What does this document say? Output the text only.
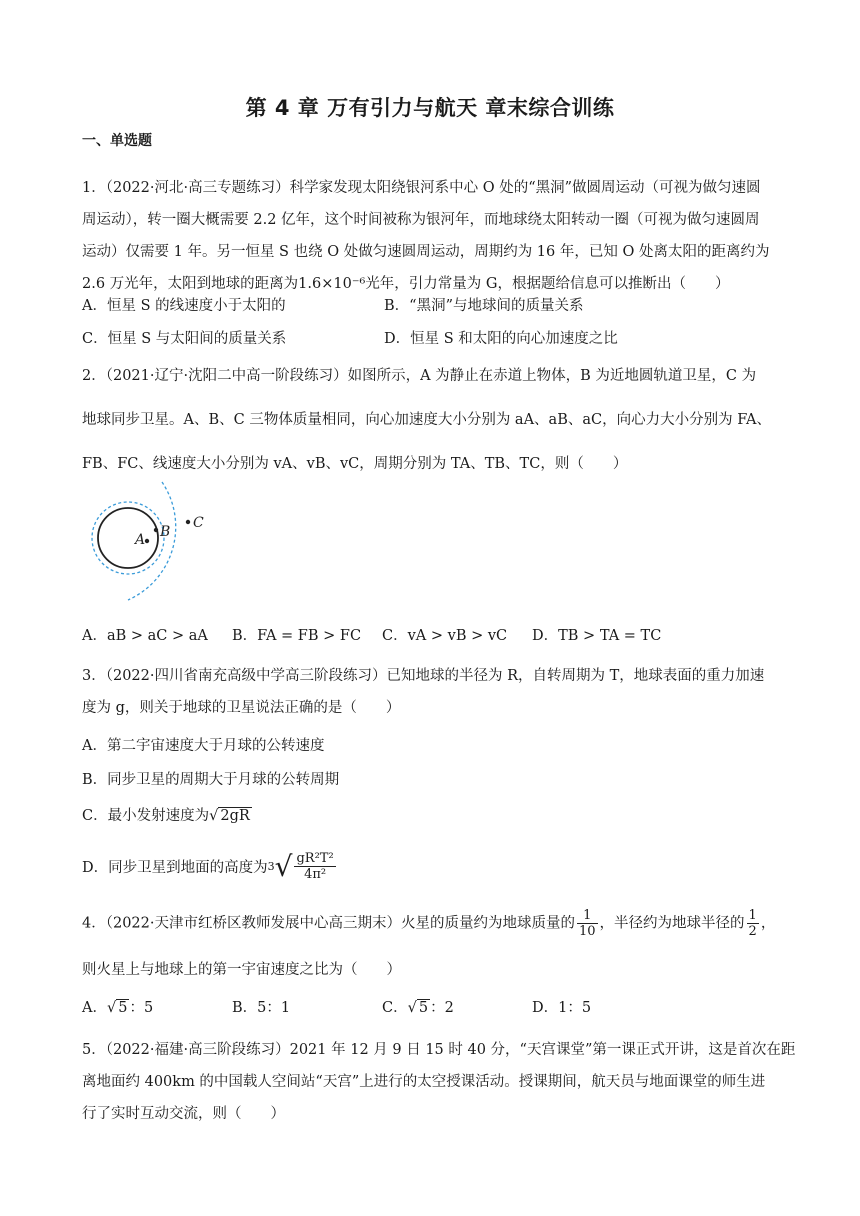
第 4 章 万有引力与航天 章末综合训练
一、单选题
1．（2022·河北·高三专题练习）科学家发现太阳绕银河系中心 O 处的“黑洞”做圆周运动（可视为做匀速圆
周运动），转一圈大概需要 2.2 亿年，这个时间被称为银河年，而地球绕太阳转动一圈（可视为做匀速圆周
运动）仅需要 1 年。另一恒星 S 也绕 O 处做匀速圆周运动，周期约为 16 年，已知 O 处离太阳的距离约为
2.6 万光年，太阳到地球的距离为1.6×10⁻⁶光年，引力常量为 G，根据题给信息可以推断出（　　）
A．恒星 S 的线速度小于太阳的	B．“黑洞”与地球间的质量关系
C．恒星 S 与太阳间的质量关系	D．恒星 S 和太阳的向心加速度之比
2．（2021·辽宁·沈阳二中高一阶段练习）如图所示，A 为静止在赤道上物体，B 为近地圆轨道卫星，C 为
地球同步卫星。A、B、C 三物体质量相同，向心加速度大小分别为 aA、aB、aC，向心力大小分别为 FA、
FB、FC、线速度大小分别为 vA、vB、vC，周期分别为 TA、TB、TC，则（　　）
A B
C
A．aB > aC > aA B．FA = FB > FC C．vA > vB > vC D．TB > TA = TC
3．（2022·四川省南充高级中学高三阶段练习）已知地球的半径为 R，自转周期为 T，地球表面的重力加速
度为 g，则关于地球的卫星说法正确的是（　　）
A．第二宇宙速度大于月球的公转速度
B．同步卫星的周期大于月球的公转周期
C．最小发射速度为√ 2gR
D．同步卫星到地面的高度为$3√ \frac{\text{gR²T²}}{\text{4π²}}$
4．（2022·天津市红桥区教师发展中心高三期末）火星的质量约为地球质量的 $\frac{1}{10}$ ，半径约为地球半径的 $\frac{1}{2}$ ，
则火星上与地球上的第一宇宙速度之比为（　　）
A．√ 5 ：5	B．5：1	C．√ 5 ：2	D．1：5
5．（2022·福建·高三阶段练习）2021 年 12 月 9 日 15 时 40 分，“天宫课堂”第一课正式开讲，这是首次在距
离地面约 400km 的中国载人空间站“天宫”上进行的太空授课活动。授课期间，航天员与地面课堂的师生进
行了实时互动交流，则（　　）
